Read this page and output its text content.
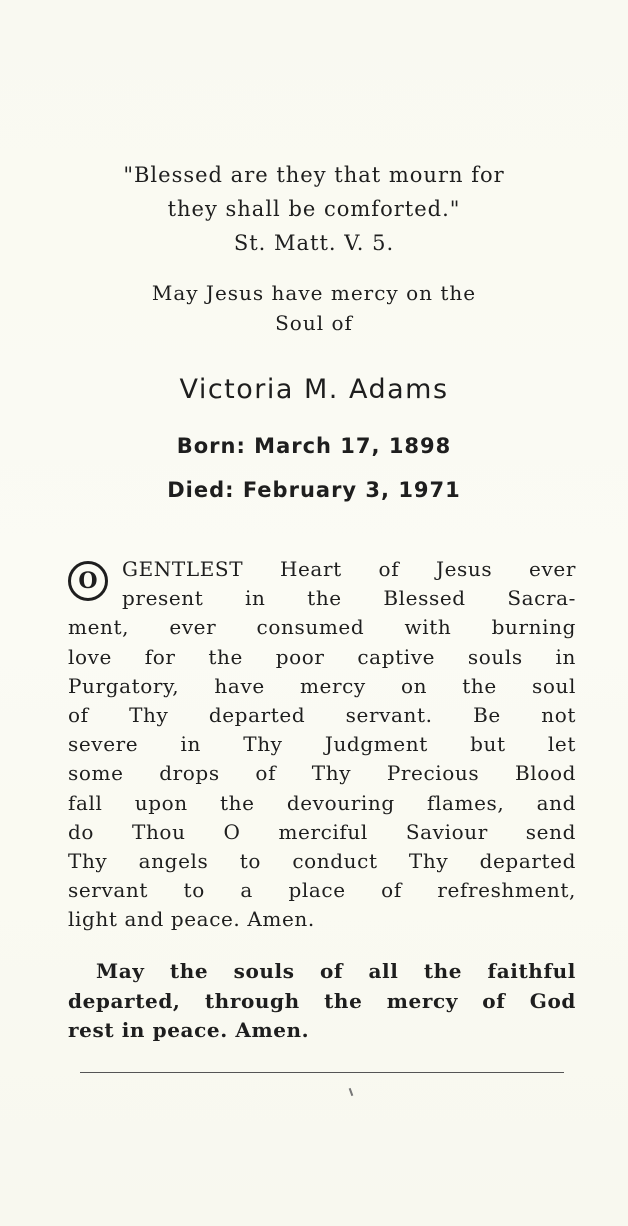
"Blessed are they that mourn for
they shall be comforted."
St. Matt. V. 5.
May Jesus have mercy on the
Soul of
Victoria M. Adams
Born: March 17, 1898
Died: February 3, 1971
O	GENTLEST Heart of Jesus ever
present in the Blessed Sacra-
ment, ever consumed with burning
love for the poor captive souls in
Purgatory, have mercy on the soul
of Thy departed servant. Be not
severe in Thy Judgment but let
some drops of Thy Precious Blood
fall upon the devouring flames, and
do Thou O merciful Saviour send
Thy angels to conduct Thy departed
servant to a place of refreshment,
light and peace. Amen.
May the souls of all the faithful
departed, through the mercy of God
rest in peace. Amen.
